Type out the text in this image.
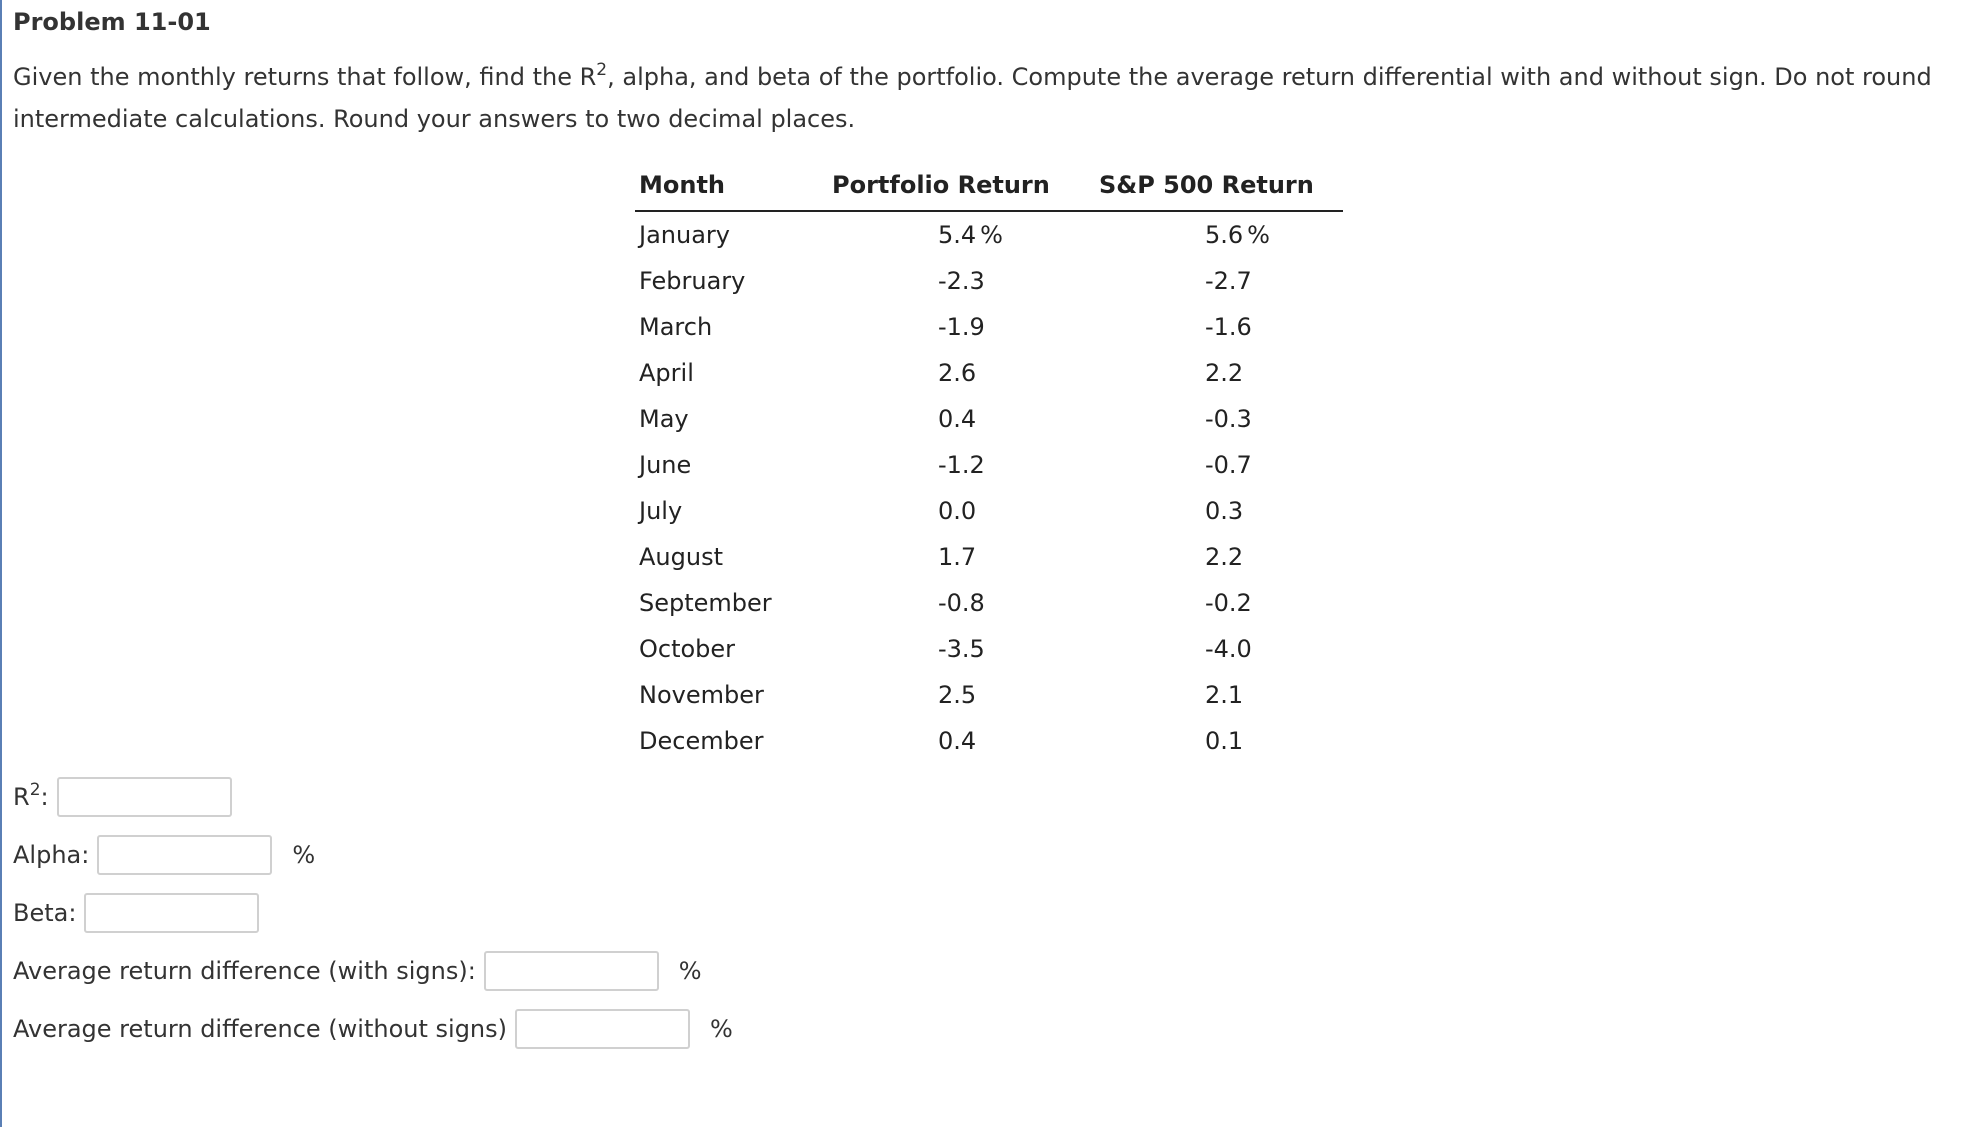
Problem 11-01

Given the monthly returns that follow, find the $R^2$, alpha, and beta of the portfolio. Compute the average return differential with and without sign. Do not round intermediate calculations. Round your answers to two decimal places.

Month	Portfolio Return	S&P 500 Return
January	5.4 %	5.6 %
February	-2.3	-2.7
March	-1.9	-1.6
April	2.6	2.2
May	0.4	-0.3
June	-1.2	-0.7
July	0.0	0.3
August	1.7	2.2
September	-0.8	-0.2
October	-3.5	-4.0
November	2.5	2.1
December	0.4	0.1
$R^2$:
Alpha:	%
Beta:
Average return difference (with signs):	%
Average return difference (without signs)	%
